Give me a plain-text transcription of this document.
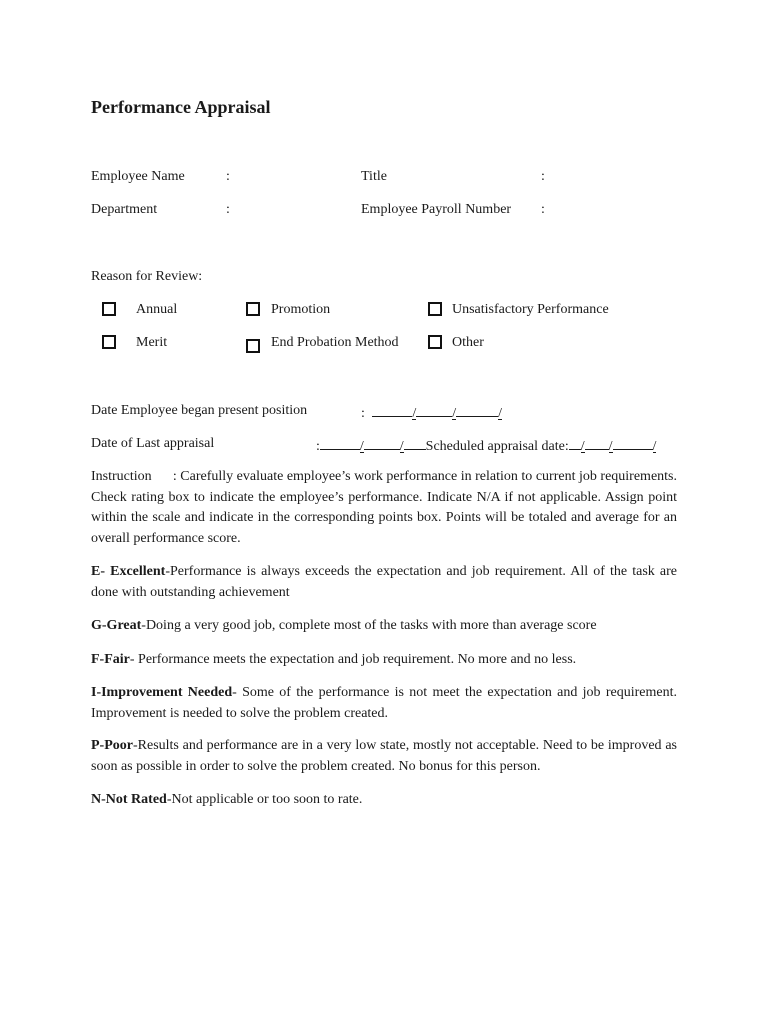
Performance Appraisal
Employee Name	:	Title	:
Department	:	Employee Payroll Number :
Reason for Review:
Annual	Promotion	Unsatisfactory Performance
Merit	End Probation Method	Other
Date Employee began present position	:	/	/	/
Date of Last appraisal	:	/	/ Scheduled appraisal date: / /	/
Instruction : Carefully evaluate employee’s work performance in relation to current job requirements. Check rating box to indicate the employee’s performance. Indicate N/A if not applicable. Assign point within the scale and indicate in the corresponding points box. Points will be totaled and average for an overall performance score.
E- Excellent-Performance is always exceeds the expectation and job requirement. All of the task are done with outstanding achievement
G-Great-Doing a very good job, complete most of the tasks with more than average score
F-Fair- Performance meets the expectation and job requirement. No more and no less.
I-Improvement Needed- Some of the performance is not meet the expectation and job requirement. Improvement is needed to solve the problem created.
P-Poor-Results and performance are in a very low state, mostly not acceptable. Need to be improved as soon as possible in order to solve the problem created. No bonus for this person.
N-Not Rated-Not applicable or too soon to rate.
